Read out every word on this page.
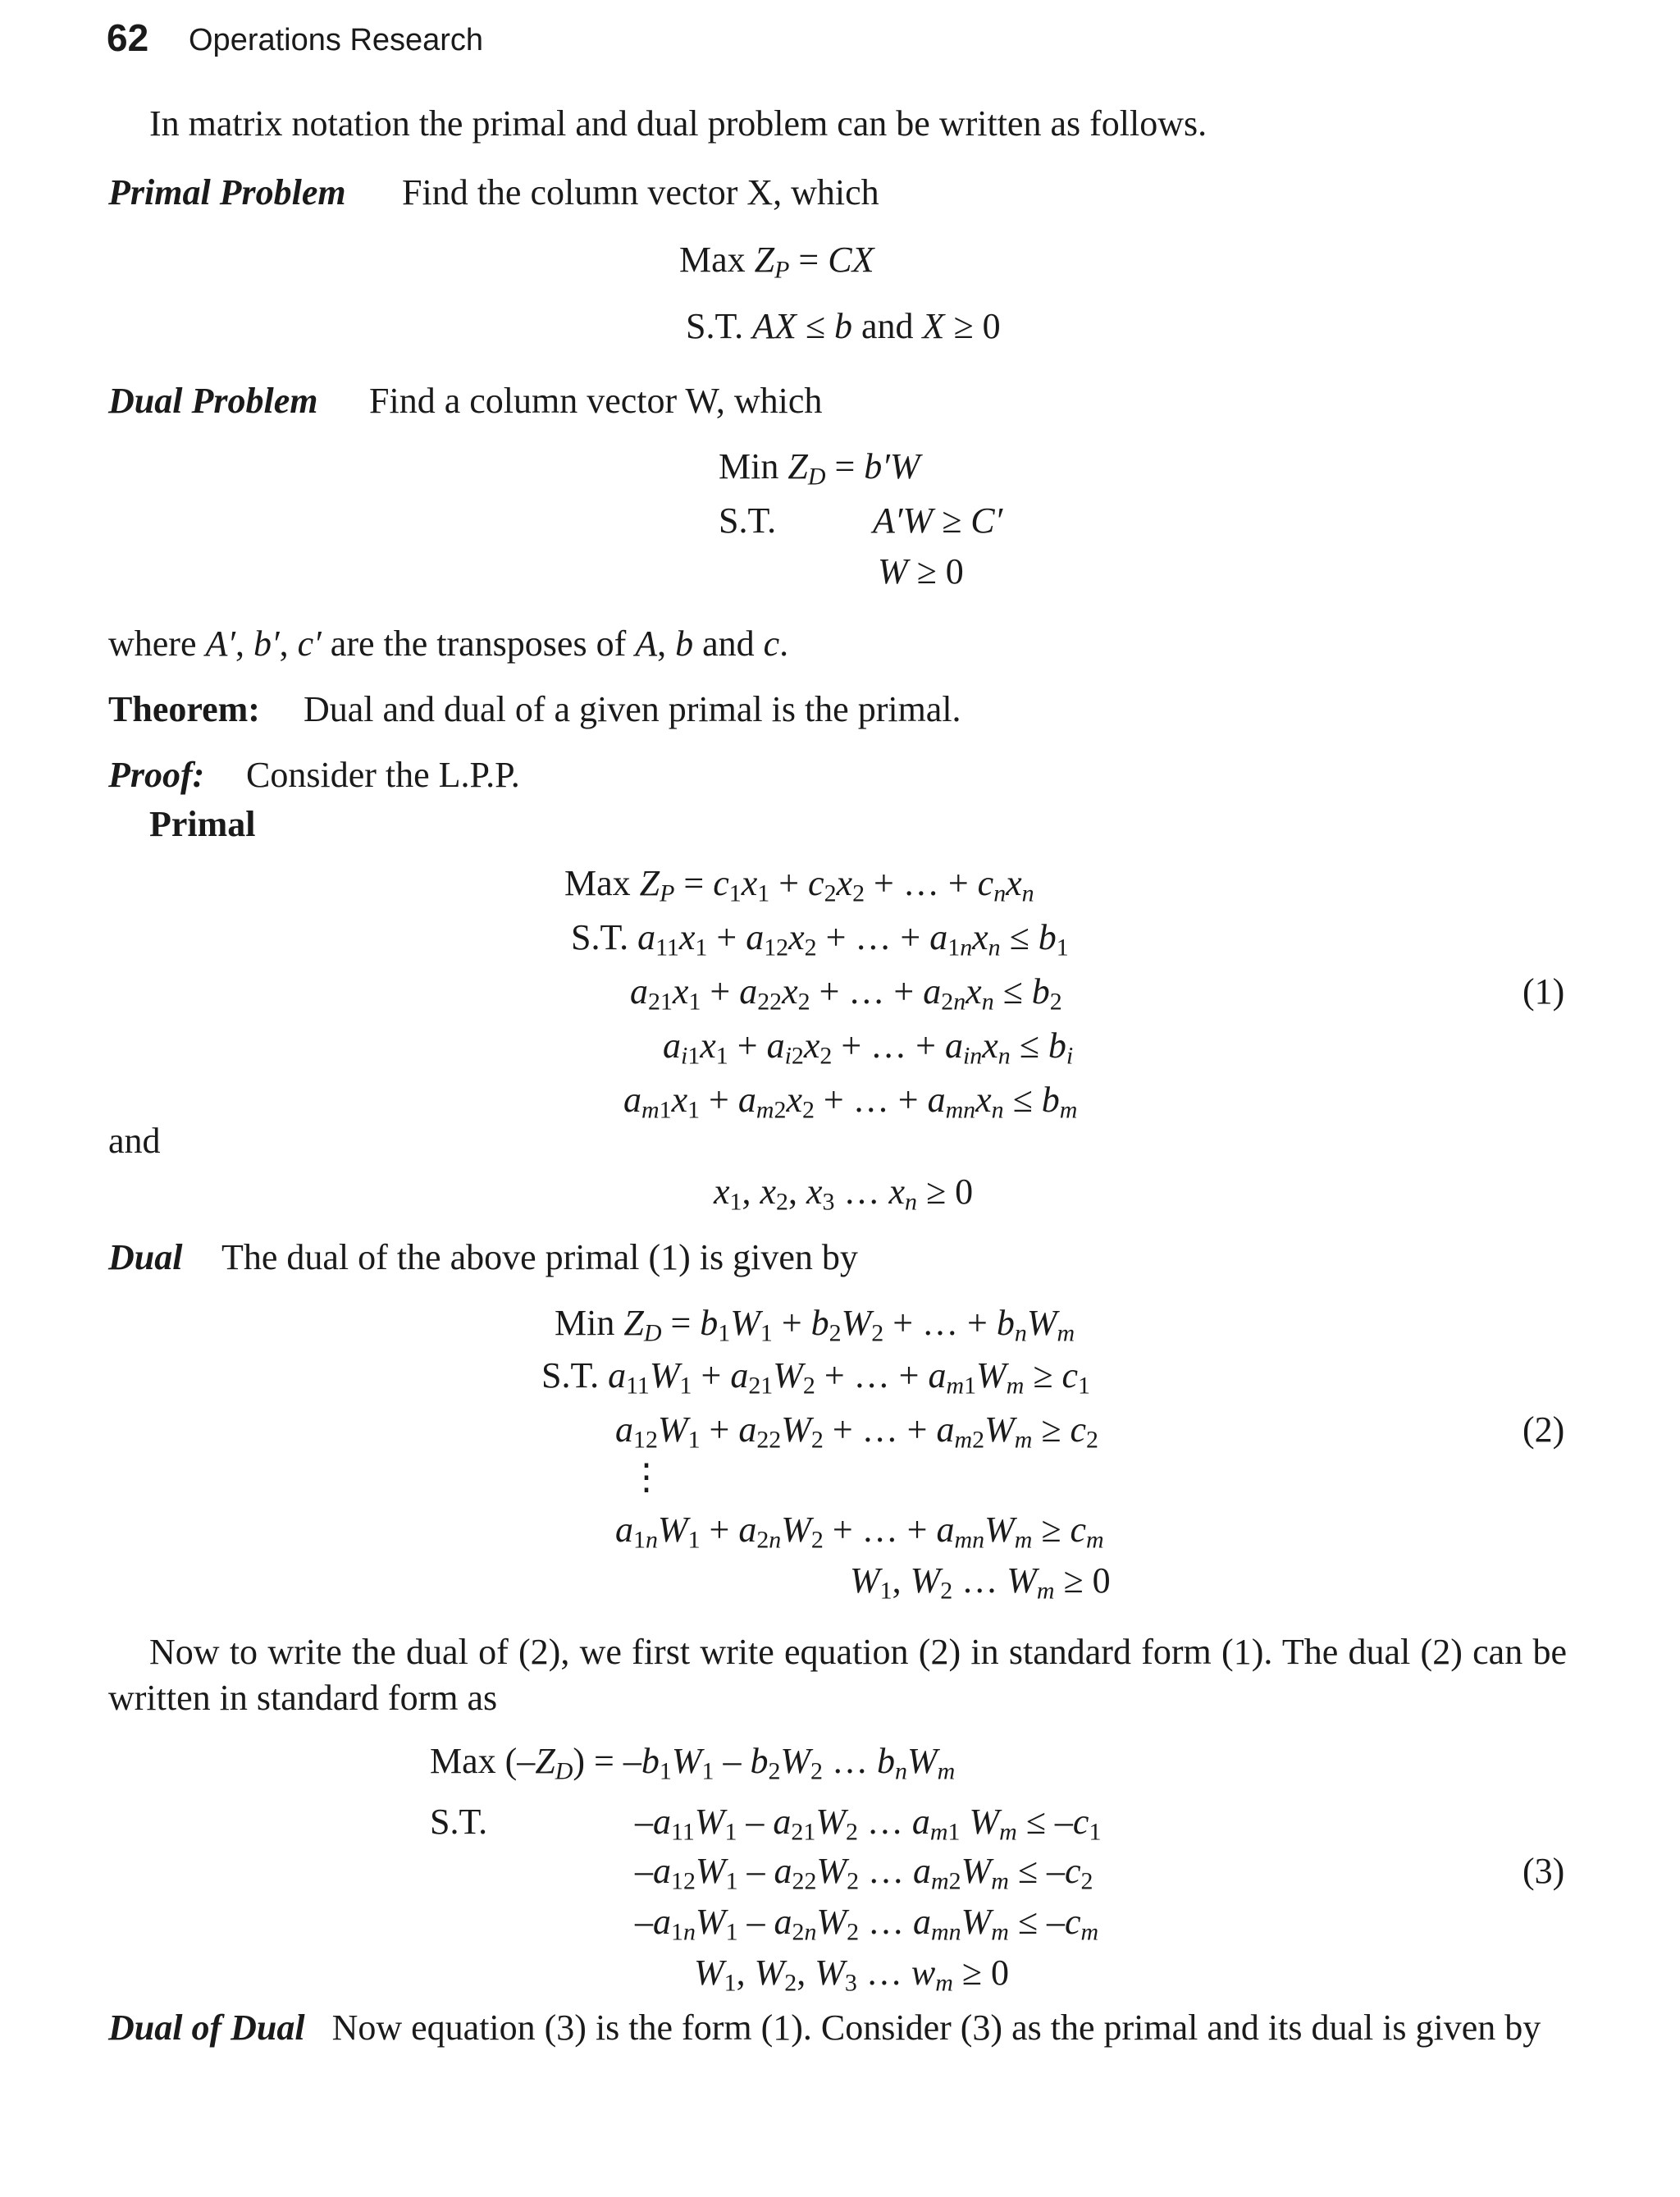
62 Operations Research
In matrix notation the primal and dual problem can be written as follows.
Primal Problem Find the column vector X, which
Max $Z_P$ = CX
S.T. AX ≤ b and X ≥ 0
Dual Problem Find a column vector W, which
Min $Z_D = b'W$
S.T.	A′W ≥ C′
W ≥ 0
where A′, b′, c′ are the transposes of A, b and c.
Theorem: Dual and dual of a given primal is the primal.
Proof: Consider the L.P.P.
Primal
Max $Z_P = c_1x_1 + c_2x_2$ + … + $c_nx_n$
S.T. $a_{11}x_1 + a_{12}x_2$ + … + $a_{1n}x_n \le b_1$
$a_{21}x_1 + a_{22}x_2$ + … + $a_{2n}x_n \le b_2$	(1)
$a_{i1}x_1 + a_{i2}x_2$ + … + $a_{in}x_n \le b_i$
$a_{m1}x_1 + a_{m2}x_2$ + … + $a_{mn}x_n \le b_m$
and
$x_1$, $x_2$, $x_3$ … $x_n \ge 0$
Dual The dual of the above primal (1) is given by
Min $Z_D = b_1W_1 + b_2W_2$ + … + $b_nW_m$
S.T. $a_{11}W_1 + a_{21}W_2$ + … + $a_{m1}W_m \ge c_1$
$a_{12}W_1 + a_{22}W_2$ + … + $a_{m2}W_m \ge c_2$	(2)
⋮
$a_{1n}W_1 + a_{2n}W_2$ + … + $a_{mn}W_m \ge c_m$
$W_1$, $W_2$ … $W_m \ge 0$
Now to write the dual of (2), we first write equation (2) in standard form (1). The dual (2) can be written in standard form as
Max $(-Z_D) = -b_1W_1 - b_2W_2$ … $b_nW_m$
S.T.	$-a_{11}W_1 - a_{21}W_2$ … $a_{m1}$ $W_m \le -c_1$
$-a_{12}W_1 - a_{22}W_2$ … $a_{m2}W_m \le -c_2$	(3)
$-a_{1n}W_1 - a_{2n}W_2$ … $a_{mn}W_m \le -c_m$
$W_1$, $W_2$, $W_3$ … $w_m \ge 0$
Dual of Dual Now equation (3) is the form (1). Consider (3) as the primal and its dual is given by
